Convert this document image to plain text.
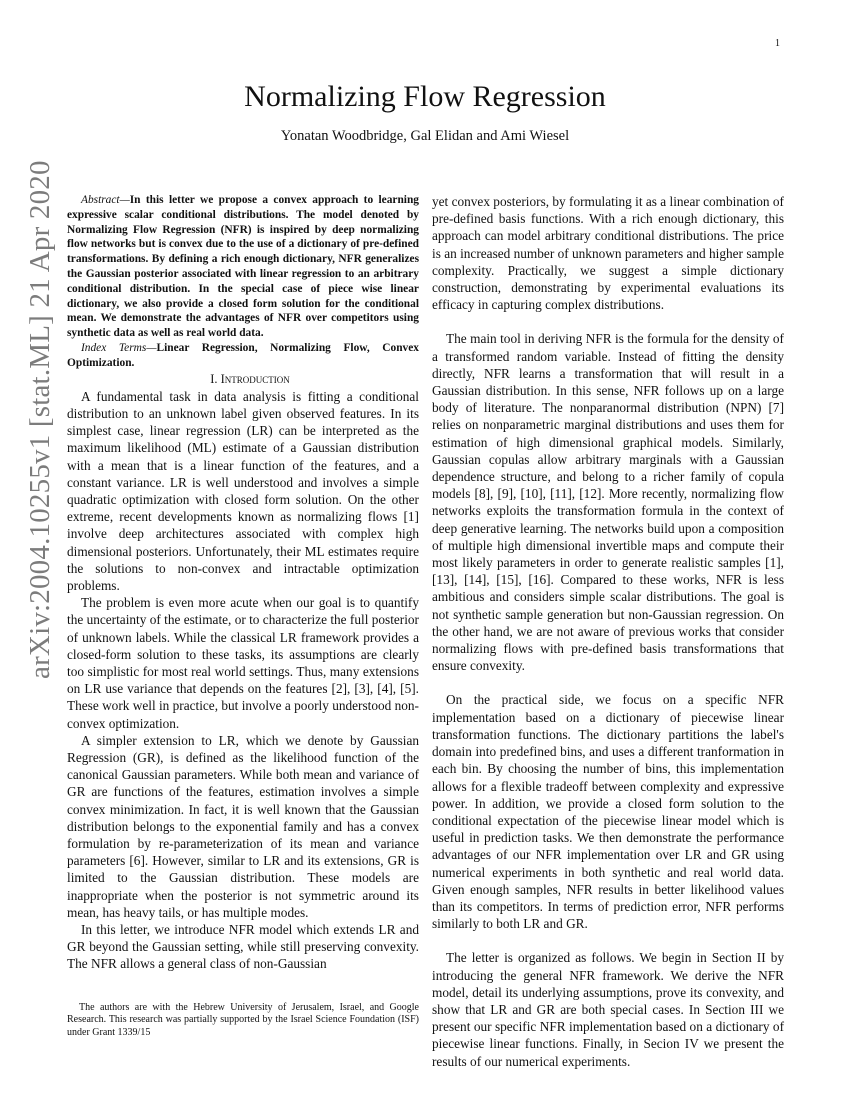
1
arXiv:2004.10255v1 [stat.ML] 21 Apr 2020
Normalizing Flow Regression
Yonatan Woodbridge, Gal Elidan and Ami Wiesel

Abstract—In this letter we propose a convex approach to learning expressive scalar conditional distributions. The model denoted by Normalizing Flow Regression (NFR) is inspired by deep normalizing flow networks but is convex due to the use of a dictionary of pre-defined transformations. By defining a rich enough dictionary, NFR generalizes the Gaussian posterior associated with linear regression to an arbitrary conditional distribution. In the special case of piece wise linear dictionary, we also provide a closed form solution for the conditional mean. We demonstrate the advantages of NFR over competitors using synthetic data as well as real world data.

Index Terms—Linear Regression, Normalizing Flow, Convex Optimization.

I. Introduction

A fundamental task in data analysis is fitting a conditional distribution to an unknown label given observed features. In its simplest case, linear regression (LR) can be interpreted as the maximum likelihood (ML) estimate of a Gaussian distribution with a mean that is a linear function of the features, and a constant variance. LR is well understood and involves a simple quadratic optimization with closed form solution. On the other extreme, recent developments known as normalizing flows [1] involve deep architectures associated with complex high dimensional posteriors. Unfortunately, their ML estimates require the solutions to non-convex and intractable optimization problems.

The problem is even more acute when our goal is to quantify the uncertainty of the estimate, or to characterize the full posterior of unknown labels. While the classical LR framework provides a closed-form solution to these tasks, its assumptions are clearly too simplistic for most real world settings. Thus, many extensions on LR use variance that depends on the features [2], [3], [4], [5]. These work well in practice, but involve a poorly understood non-convex optimization.

A simpler extension to LR, which we denote by Gaussian Regression (GR), is defined as the likelihood function of the canonical Gaussian parameters. While both mean and variance of GR are functions of the features, estimation involves a simple convex minimization. In fact, it is well known that the Gaussian distribution belongs to the exponential family and has a convex formulation by re-parameterization of its mean and variance parameters [6]. However, similar to LR and its extensions, GR is limited to the Gaussian distribution. These models are inappropriate when the posterior is not symmetric around its mean, has heavy tails, or has multiple modes.

In this letter, we introduce NFR model which extends LR and GR beyond the Gaussian setting, while still preserving convexity. The NFR allows a general class of non-Gaussian

The authors are with the Hebrew University of Jerusalem, Israel, and Google Research. This research was partially supported by the Israel Science Foundation (ISF) under Grant 1339/15

yet convex posteriors, by formulating it as a linear combination of pre-defined basis functions. With a rich enough dictionary, this approach can model arbitrary conditional distributions. The price is an increased number of unknown parameters and higher sample complexity. Practically, we suggest a simple dictionary construction, demonstrating by experimental evaluations its efficacy in capturing complex distributions.

The main tool in deriving NFR is the formula for the density of a transformed random variable. Instead of fitting the density directly, NFR learns a transformation that will result in a Gaussian distribution. In this sense, NFR follows up on a large body of literature. The nonparanormal distribution (NPN) [7] relies on nonparametric marginal distributions and uses them for estimation of high dimensional graphical models. Similarly, Gaussian copulas allow arbitrary marginals with a Gaussian dependence structure, and belong to a richer family of copula models [8], [9], [10], [11], [12]. More recently, normalizing flow networks exploits the transformation formula in the context of deep generative learning. The networks build upon a composition of multiple high dimensional invertible maps and compute their most likely parameters in order to generate realistic samples [1], [13], [14], [15], [16]. Compared to these works, NFR is less ambitious and considers simple scalar distributions. The goal is not synthetic sample generation but non-Gaussian regression. On the other hand, we are not aware of previous works that consider normalizing flows with pre-defined basis transformations that ensure convexity.

On the practical side, we focus on a specific NFR implementation based on a dictionary of piecewise linear transformation functions. The dictionary partitions the label's domain into predefined bins, and uses a different tranformation in each bin. By choosing the number of bins, this implementation allows for a flexible tradeoff between complexity and expressive power. In addition, we provide a closed form solution to the conditional expectation of the piecewise linear model which is useful in prediction tasks. We then demonstrate the performance advantages of our NFR implementation over LR and GR using numerical experiments in both synthetic and real world data. Given enough samples, NFR results in better likelihood values than its competitors. In terms of prediction error, NFR performs similarly to both LR and GR.

The letter is organized as follows. We begin in Section II by introducing the general NFR framework. We derive the NFR model, detail its underlying assumptions, prove its convexity, and show that LR and GR are both special cases. In Section III we present our specific NFR implementation based on a dictionary of piecewise linear functions. Finally, in Secion IV we present the results of our numerical experiments.
